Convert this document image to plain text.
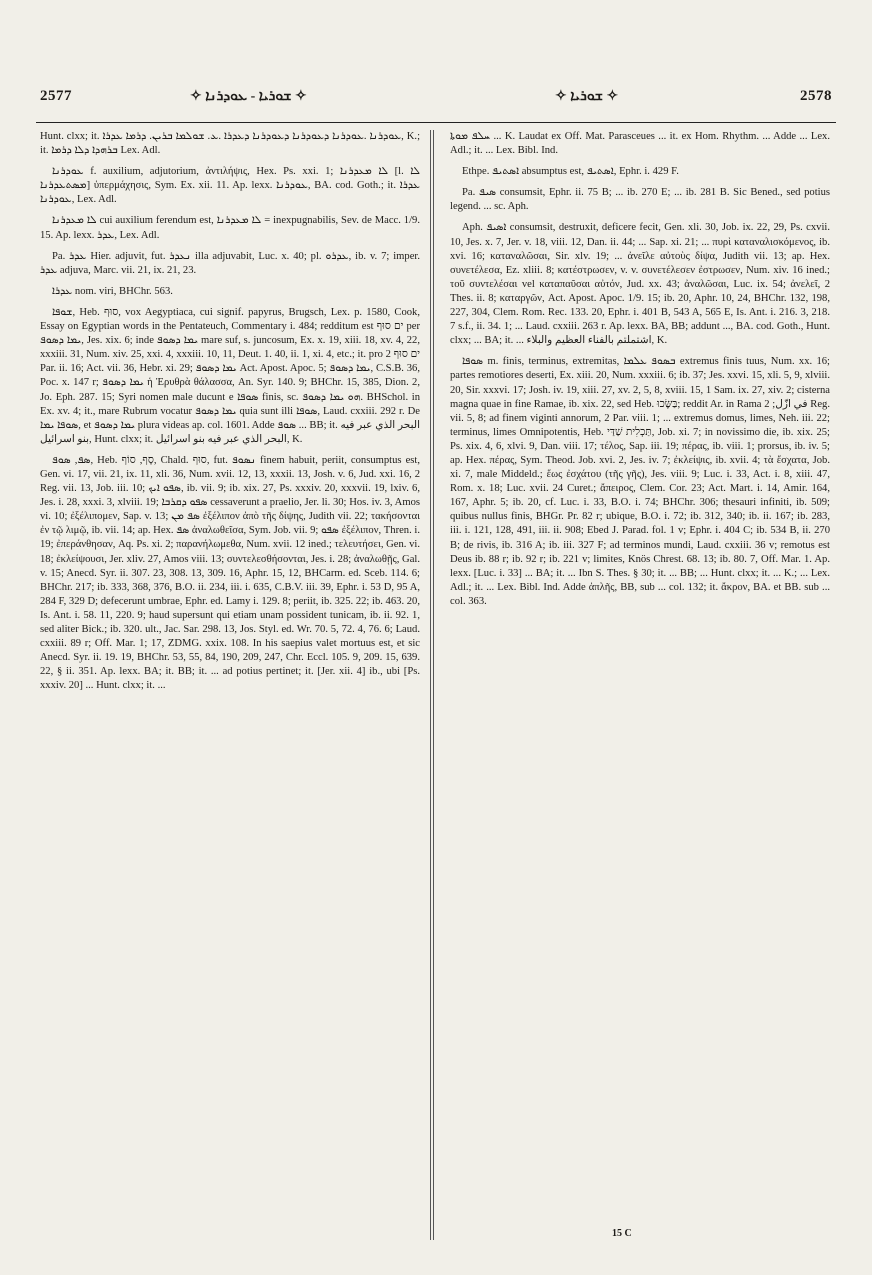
2577	✧ ܫܘܪܝܐ - ܥܘܕܪܢܐ ✧	✧ ܫܘܪܝܐ ✧	2578

Hunt. clxx; it. ܥܘܕܪܢܐ .ܥܘܕܪܢܐ ܕܥܘܕܪܢܐ ܕܥܘܕܪܢܐ ܕܥܕܪܐ .ܥ. ܫܘܠܡܐ ܒܪܝܢ. ܕܪܡܐ ܥܕܪܐ, K.; it. ܒܪܗܕܐ ܕܠܐ ܕܪܡܐ Lex. Adl.

ܥܘܕܪܢܐ f. auxilium, adjutorium, ἀντιλήψις, Hex. Ps. xxi. 1; ܠܐ ܡܥܕܪܢܐ [l. ܠܐ ܡܣܬܥܕܪܢܐ] ὑπερμάχησις, Sym. Ex. xii. 11. Ap. lexx. ܥܘܕܪܢܐ, BA. cod. Goth.; it. ܥܕܪܐ ܥܘܕܪܢܐ, Lex. Adl.

ܠܐ ܡܥܕܪܢܐ cui auxilium ferendum est, ܠܐ ܡܥܕܪܢܐ = inexpugnabilis, Sev. de Macc. 1/9. 15. Ap. lexx. ܥܕܪ, Lex. Adl.

Pa. ܥܕܪ Hier. adjuvit, fut. ܢܥܕܪ illa adjuvabit, Luc. x. 40; pl. ܥܕܪܘ, ib. v. 7; imper. ܥܕܪ adjuva, Marc. vii. 21, ix. 21, 23.

ܥܕܪܐ nom. viri, BHChr. 563.

ܫܘܦܐ, Heb. סוּף, vox Aegyptiaca, cui signif. papyrus, Brugsch, Lex. p. 1580, Cook, Essay on Egyptian words in the Pentateuch, Commentary i. 484; redditum est ים סוּף per ܝܡܐ ܕܣܘܦ, Jes. xix. 6; inde ܝܡܐ ܕܣܘܦ mare suf, s. juncosum, Ex. x. 19, xiii. 18, xv. 4, 22, xxxiii. 31, Num. xiv. 25, xxi. 4, xxxiii. 10, 11, Deut. 1. 40, ii. 1, xi. 4, etc.; it. pro ים סוּף 2 Par. ii. 16; Act. vii. 36, Hebr. xi. 29; ܝܡܐ ܕܣܘܦ Act. Apost. Apoc. 5; ܝܡܐ ܕܣܘܦ, C.S.B. 36, Poc. x. 147 r; ܝܡܐ ܕܣܘܦ ἡ Ἐρυθρὰ θάλασσα, An. Syr. 140. 9; BHChr. 15, 385, Dion. 2, Jo. Eph. 287. 15; Syri nomen male ducunt e ܣܘܦܐ finis, sc. ܗܘ ܝܡܐ ܕܣܘܦ. BHSchol. in Ex. xv. 4; it., mare Rubrum vocatur ܝܡܐ ܕܣܘܦ quia sunt illi ܣܘܦܐ, Laud. cxxiii. 292 r. De ܣܘܦܐ ܝܡܐ, et ܝܡܐ ܕܣܘܦ plura videas ap. col. 1601. Adde ܣܘܦ ... BB; it. البحر الذي عبر فيه بنو اسرائيل, Hunt. clxx; it. البحر الذي عبر فيه بنو اسرائيل, K.

ܣܦ, ܣܘܦ, Heb. סָף, סוֹף, Chald. סוּף, fut. ܢܣܘܦ finem habuit, periit, consumptus est, Gen. vi. 17, vii. 21, ix. 11, xli. 36, Num. xvii. 12, 13, xxxii. 13, Josh. v. 6, Jud. xxi. 16, 2 Reg. vii. 13, Job. iii. 10; ܣܦܘ ܐܝܟ, ib. vii. 9; ib. xix. 27, Ps. xxxiv. 20, xxxvii. 19, lxiv. 6, Jes. i. 28, xxxi. 3, xlviii. 19; ܣܦܘ ܕܩܪܒܐ cessaverunt a praelio, Jer. li. 30; Hos. iv. 3, Amos vi. 10; ἐξέλιπομεν, Sap. v. 13; ܣܦ ܡܢ ἐξέλιπον ἀπὸ τῆς δίψης, Judith vii. 22; τακήσονται ἐν τῷ λιμῷ, ib. vii. 14; ap. Hex. ܣܦ ἀναλωθεῖσα, Sym. Job. vii. 9; ܣܦܘ ἐξέλιπον, Thren. i. 19; ἐπεράνθησαν, Aq. Ps. xi. 2; παρανήλωμεθα, Num. xvii. 12 ined.; τελευτήσει, Gen. vi. 18; ἐκλείψουσι, Jer. xliv. 27, Amos viii. 13; συντελεσθήσονται, Jes. i. 28; ἀναλωθῇς, Gal. v. 15; Anecd. Syr. ii. 307. 23, 308. 13, 309. 16, Aphr. 15, 12, BHCarm. ed. Sceb. 114. 6; BHChr. 217; ib. 333, 368, 376, B.O. ii. 234, iii. i. 635, C.B.V. iii. 39, Ephr. i. 53 D, 95 A, 284 F, 329 D; defecerunt umbrae, Ephr. ed. Lamy i. 129. 8; periit, ib. 325. 22; ib. 463. 20, Is. Ant. i. 58. 11, 220. 9; haud supersunt qui etiam unam possident tunicam, ib. ii. 92. 1, sed aliter Bick.; ib. 320. ult., Jac. Sar. 298. 13, Jos. Styl. ed. Wr. 70. 5, 72. 4, 76. 6; Laud. cxxiii. 89 r; Off. Mar. 1; 17, ZDMG. xxix. 108. In his saepius valet mortuus est, et sic Anecd. Syr. ii. 19. 19, BHChr. 53, 55, 84, 190, 209, 247, Chr. Eccl. 105. 9, 209. 15, 639. 22, § ii. 351. Ap. lexx. BA; it. BB; it. ... ad potius pertinet; it. [Jer. xii. 4] ib., ubi [Ps. xxxiv. 20] ... Hunt. clxx; it. ...

ܚܠܦ ܡܘܬܐ ... K. Laudat ex Off. Mat. Parasceues ... it. ex Hom. Rhythm. ... Adde ... Lex. Adl.; it. ... Lex. Bibl. Ind.

Ethpe. ܐܣܬܝܦ absumptus est, ܐܣܬܝܦ, Ephr. i. 429 F.

Pa. ܣܝܦ consumsit, Ephr. ii. 75 B; ... ib. 270 E; ... ib. 281 B. Sic Bened., sed potius legend. ... sc. Aph.

Aph. ܐܣܝܦ consumsit, destruxit, deficere fecit, Gen. xli. 30, Job. ix. 22, 29, Ps. cxvii. 10, Jes. x. 7, Jer. v. 18, viii. 12, Dan. ii. 44; ... Sap. xi. 21; ... πυρὶ καταναλισκόμενος, ib. xvi. 16; καταναλῶσαι, Sir. xlv. 19; ... ἀνεῖλε αὐτοὺς δίψα, Judith vii. 13; ap. Hex. συνετέλεσα, Ez. xliii. 8; κατέστρωσεν, v. v. συνετέλεσεν ἐστρωσεν, Num. xiv. 16 ined.; τοῦ συντελέσαι vel καταπαῦσαι αὐτόν, Jud. xx. 43; ἀναλῶσαι, Luc. ix. 54; ἀνελεῖ, 2 Thes. ii. 8; καταργῶν, Act. Apost. Apoc. 1/9. 15; ib. 20, Aphr. 10, 24, BHChr. 132, 198, 227, 304, Clem. Rom. Rec. 133. 20, Ephr. i. 401 B, 543 A, 565 E, Is. Ant. i. 216. 3, 218. 7 s.f., ii. 34. 1; ... Laud. cxxiii. 263 r. Ap. lexx. BA, BB; addunt ..., BA. cod. Goth., Hunt. clxx; ... BA; it. ... اشتملتم بالفناء العظيم والبلاء, K.

ܣܘܦܐ m. finis, terminus, extremitas, ܒܣܘܦ ܥܠܡܐ extremus finis tuus, Num. xx. 16; partes remotiores deserti, Ex. xiii. 20, Num. xxxiii. 6; ib. 37; Jes. xxvi. 15, xli. 5, 9, xlviii. 20, Sir. xxxvi. 17; Josh. iv. 19, xiii. 27, xv. 2, 5, 8, xviii. 15, 1 Sam. ix. 27, xiv. 2; cisterna magna quae in fine Ramae, ib. xix. 22, sed Heb. בַּשֶּׂכוּ; reddit Ar. in Rama في ازّل; 2 Reg. vii. 5, 8; ad finem viginti annorum, 2 Par. viii. 1; ... extremus domus, limes, Neh. iii. 22; terminus, limes Omnipotentis, Heb. תַּכְלִית שַׁדַּי, Job. xi. 7; in novissimo die, ib. xix. 25; Ps. xix. 4, 6, xlvi. 9, Dan. viii. 17; τέλος, Sap. iii. 19; πέρας, ib. viii. 1; prorsus, ib. iv. 5; ap. Hex. πέρας, Sym. Theod. Job. xvi. 2, Jes. iv. 7; ἐκλείψις, ib. xvii. 4; τὰ ἔσχατα, Job. xi. 7, male Middeld.; ἕως ἐσχάτου (τῆς γῆς), Jes. viii. 9; Luc. i. 33, Act. i. 8, xiii. 47, Rom. x. 18; Luc. xvii. 24 Curet.; ἄπειρος, Clem. Cor. 23; Act. Mart. i. 14, Amir. 164, 167, Aphr. 5; ib. 20, cf. Luc. i. 33, B.O. i. 74; BHChr. 306; thesauri infiniti, ib. 509; quibus nullus finis, BHGr. Pr. 82 r; ubique, B.O. i. 72; ib. 312, 340; ib. ii. 167; ib. 283, iii. i. 121, 128, 491, iii. ii. 908; Ebed J. Parad. fol. 1 v; Ephr. i. 404 C; ib. 534 B, ii. 270 B; de rivis, ib. 316 A; ib. iii. 327 F; ad terminos mundi, Laud. cxxiii. 36 v; remotus est Deus ib. 88 r; ib. 92 r; ib. 221 v; limites, Knös Chrest. 68. 13; ib. 80. 7, Off. Mar. 1. Ap. lexx. [Luc. i. 33] ... BA; it. ... Ibn S. Thes. § 30; it. ... BB; ... Hunt. clxx; it. ... K.; ... Lex. Adl.; it. ... Lex. Bibl. Ind. Adde ἀπλῆς, BB, sub ... col. 132; it. ἄκρον, BA. et BB. sub ... col. 363.

15 C
